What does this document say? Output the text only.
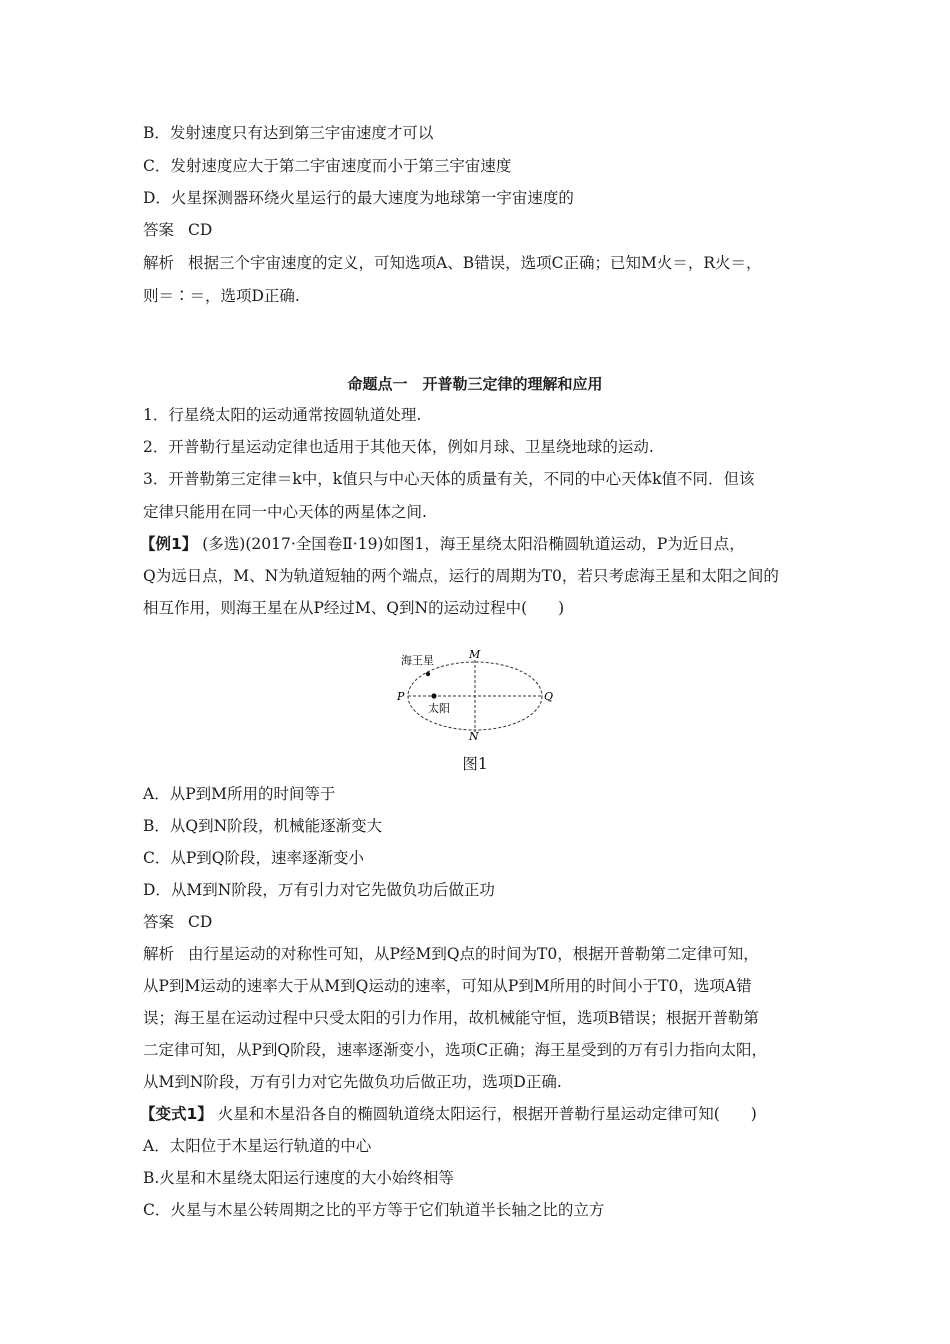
B．发射速度只有达到第三宇宙速度才可以
C．发射速度应大于第二宇宙速度而小于第三宇宙速度
D．火星探测器环绕火星运行的最大速度为地球第一宇宙速度的
答案 CD
解析 根据三个宇宙速度的定义，可知选项A、B错误，选项C正确；已知M火＝，R火＝，
则＝∶＝，选项D正确.
命题点一　开普勒三定律的理解和应用
1．行星绕太阳的运动通常按圆轨道处理.
2．开普勒行星运动定律也适用于其他天体，例如月球、卫星绕地球的运动.
3．开普勒第三定律＝k中，k值只与中心天体的质量有关，不同的中心天体k值不同．但该
定律只能用在同一中心天体的两星体之间.
【例1】 (多选)(2017·全国卷Ⅱ·19)如图1，海王星绕太阳沿椭圆轨道运动，P为近日点，
Q为远日点，M、N为轨道短轴的两个端点，运行的周期为T0，若只考虑海王星和太阳之间的
相互作用，则海王星在从P经过M、Q到N的运动过程中(　　)
海王星
太阳
M
N
P	Q
图1
A．从P到M所用的时间等于
B．从Q到N阶段，机械能逐渐变大
C．从P到Q阶段，速率逐渐变小
D．从M到N阶段，万有引力对它先做负功后做正功
答案 CD
解析 由行星运动的对称性可知，从P经M到Q点的时间为T0，根据开普勒第二定律可知，
从P到M运动的速率大于从M到Q运动的速率，可知从P到M所用的时间小于T0，选项A错
误；海王星在运动过程中只受太阳的引力作用，故机械能守恒，选项B错误；根据开普勒第
二定律可知，从P到Q阶段，速率逐渐变小，选项C正确；海王星受到的万有引力指向太阳，
从M到N阶段，万有引力对它先做负功后做正功，选项D正确.
【变式1】 火星和木星沿各自的椭圆轨道绕太阳运行，根据开普勒行星运动定律可知(　　)
A．太阳位于木星运行轨道的中心
B.火星和木星绕太阳运行速度的大小始终相等
C．火星与木星公转周期之比的平方等于它们轨道半长轴之比的立方
